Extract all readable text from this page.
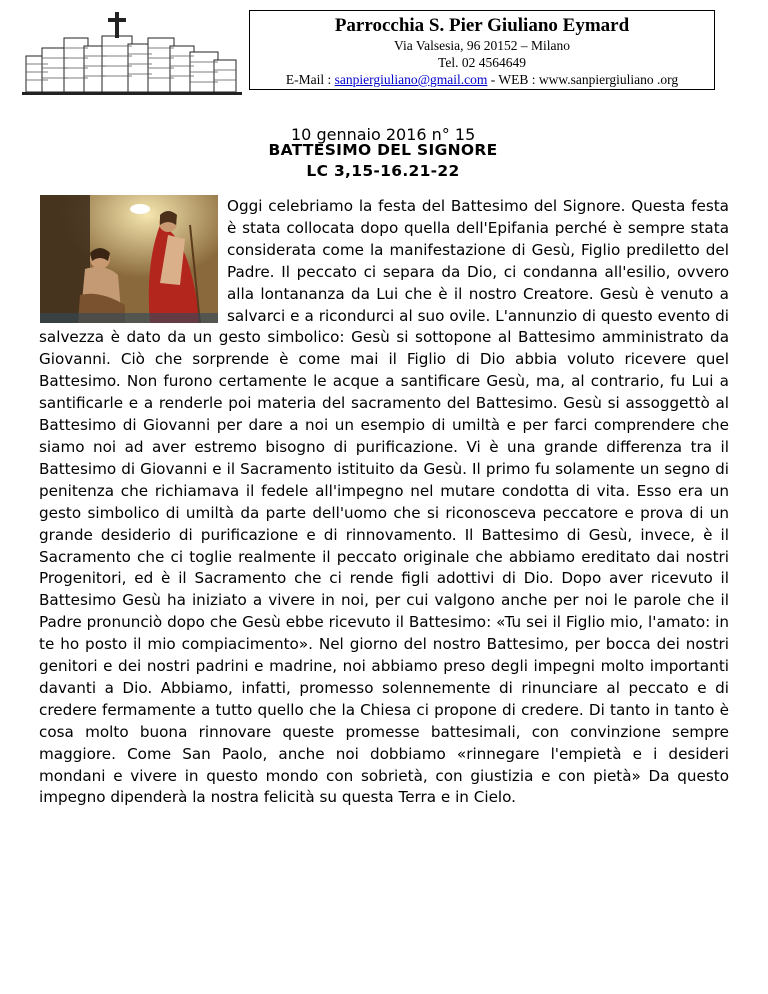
Parrocchia S. Pier Giuliano Eymard
Via Valsesia, 96 20152 – Milano
Tel. 02 4564649
E-Mail : sanpiergiuliano@gmail.com - WEB : www.sanpiergiuliano .org
10 gennaio 2016 n° 15
BATTESIMO DEL SIGNORE
LC 3,15-16.21-22

Oggi celebriamo la festa del Battesimo del Signore. Questa festa è stata collocata dopo quella dell'Epifania perché è sempre stata considerata come la manifestazione di Gesù, Figlio prediletto del Padre. Il peccato ci separa da Dio, ci condanna all'esilio, ovvero alla lontananza da Lui che è il nostro Creatore. Gesù è venuto a salvarci e a ricondurci al suo ovile. L'annunzio di questo evento di salvezza è dato da un gesto simbolico: Gesù si sottopone al Battesimo amministrato da Giovanni. Ciò che sorprende è come mai il Figlio di Dio abbia voluto ricevere quel Battesimo. Non furono certamente le acque a santificare Gesù, ma, al contrario, fu Lui a santificarle e a renderle poi materia del sacramento del Battesimo. Gesù si assoggettò al Battesimo di Giovanni per dare a noi un esempio di umiltà e per farci comprendere che siamo noi ad aver estremo bisogno di purificazione. Vi è una grande differenza tra il Battesimo di Giovanni e il Sacramento istituito da Gesù. Il primo fu solamente un segno di penitenza che richiamava il fedele all'impegno nel mutare condotta di vita. Esso era un gesto simbolico di umiltà da parte dell'uomo che si riconosceva peccatore e prova di un grande desiderio di purificazione e di rinnovamento. Il Battesimo di Gesù, invece, è il Sacramento che ci toglie realmente il peccato originale che abbiamo ereditato dai nostri Progenitori, ed è il Sacramento che ci rende figli adottivi di Dio. Dopo aver ricevuto il Battesimo Gesù ha iniziato a vivere in noi, per cui valgono anche per noi le parole che il Padre pronunciò dopo che Gesù ebbe ricevuto il Battesimo: «Tu sei il Figlio mio, l'amato: in te ho posto il mio compiacimento». Nel giorno del nostro Battesimo, per bocca dei nostri genitori e dei nostri padrini e madrine, noi abbiamo preso degli impegni molto importanti davanti a Dio. Abbiamo, infatti, promesso solennemente di rinunciare al peccato e di credere fermamente a tutto quello che la Chiesa ci propone di credere. Di tanto in tanto è cosa molto buona rinnovare queste promesse battesimali, con convinzione sempre maggiore. Come San Paolo, anche noi dobbiamo «rinnegare l'empietà e i desideri mondani e vivere in questo mondo con sobrietà, con giustizia e con pietà» Da questo impegno dipenderà la nostra felicità su questa Terra e in Cielo.
